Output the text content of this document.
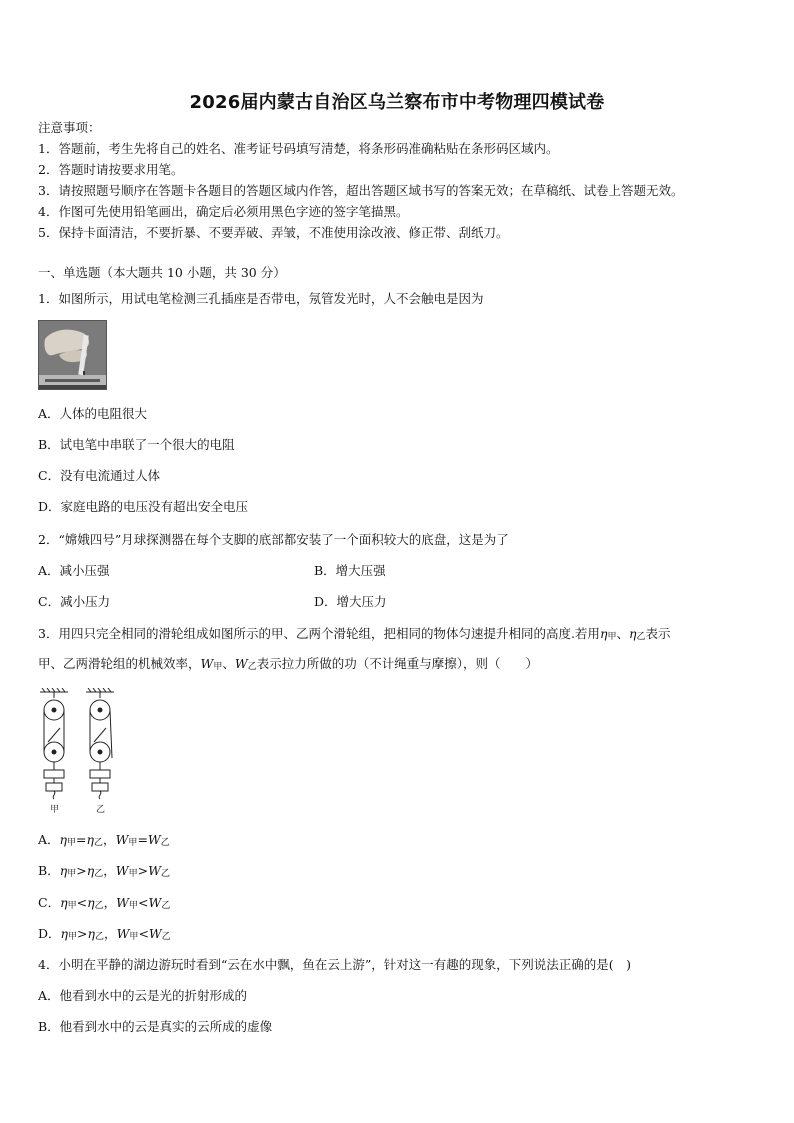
2026届内蒙古自治区乌兰察布市中考物理四模试卷
注意事项：
1．答题前，考生先将自己的姓名、准考证号码填写清楚，将条形码准确粘贴在条形码区域内。
2．答题时请按要求用笔。
3．请按照题号顺序在答题卡各题目的答题区域内作答，超出答题区域书写的答案无效；在草稿纸、试卷上答题无效。
4．作图可先使用铅笔画出，确定后必须用黑色字迹的签字笔描黑。
5．保持卡面清洁，不要折暴、不要弄破、弄皱，不准使用涂改液、修正带、刮纸刀。
一、单选题（本大题共 10 小题，共 30 分）
1．如图所示，用试电笔检测三孔插座是否带电，氖管发光时，人不会触电是因为
A．人体的电阻很大
B．试电笔中串联了一个很大的电阻
C．没有电流通过人体
D．家庭电路的电压没有超出安全电压
2．“嫦娥四号”月球探测器在每个支脚的底部都安装了一个面积较大的底盘，这是为了
A．减小压强	B．增大压强
C．减小压力	D．增大压力
3．用四只完全相同的滑轮组成如图所示的甲、乙两个滑轮组，把相同的物体匀速提升相同的高度.若用η甲、η乙表示
甲、乙两滑轮组的机械效率，W甲、W乙表示拉力所做的功（不计绳重与摩擦），则（　　）
甲	乙
A．η甲=η乙，W甲=W乙
B．η甲>η乙，W甲>W乙
C．η甲<η乙，W甲<W乙
D．η甲>η乙，W甲<W乙
4．小明在平静的湖边游玩时看到“云在水中飘，鱼在云上游”，针对这一有趣的现象，下列说法正确的是(　)
A．他看到水中的云是光的折射形成的
B．他看到水中的云是真实的云所成的虚像
